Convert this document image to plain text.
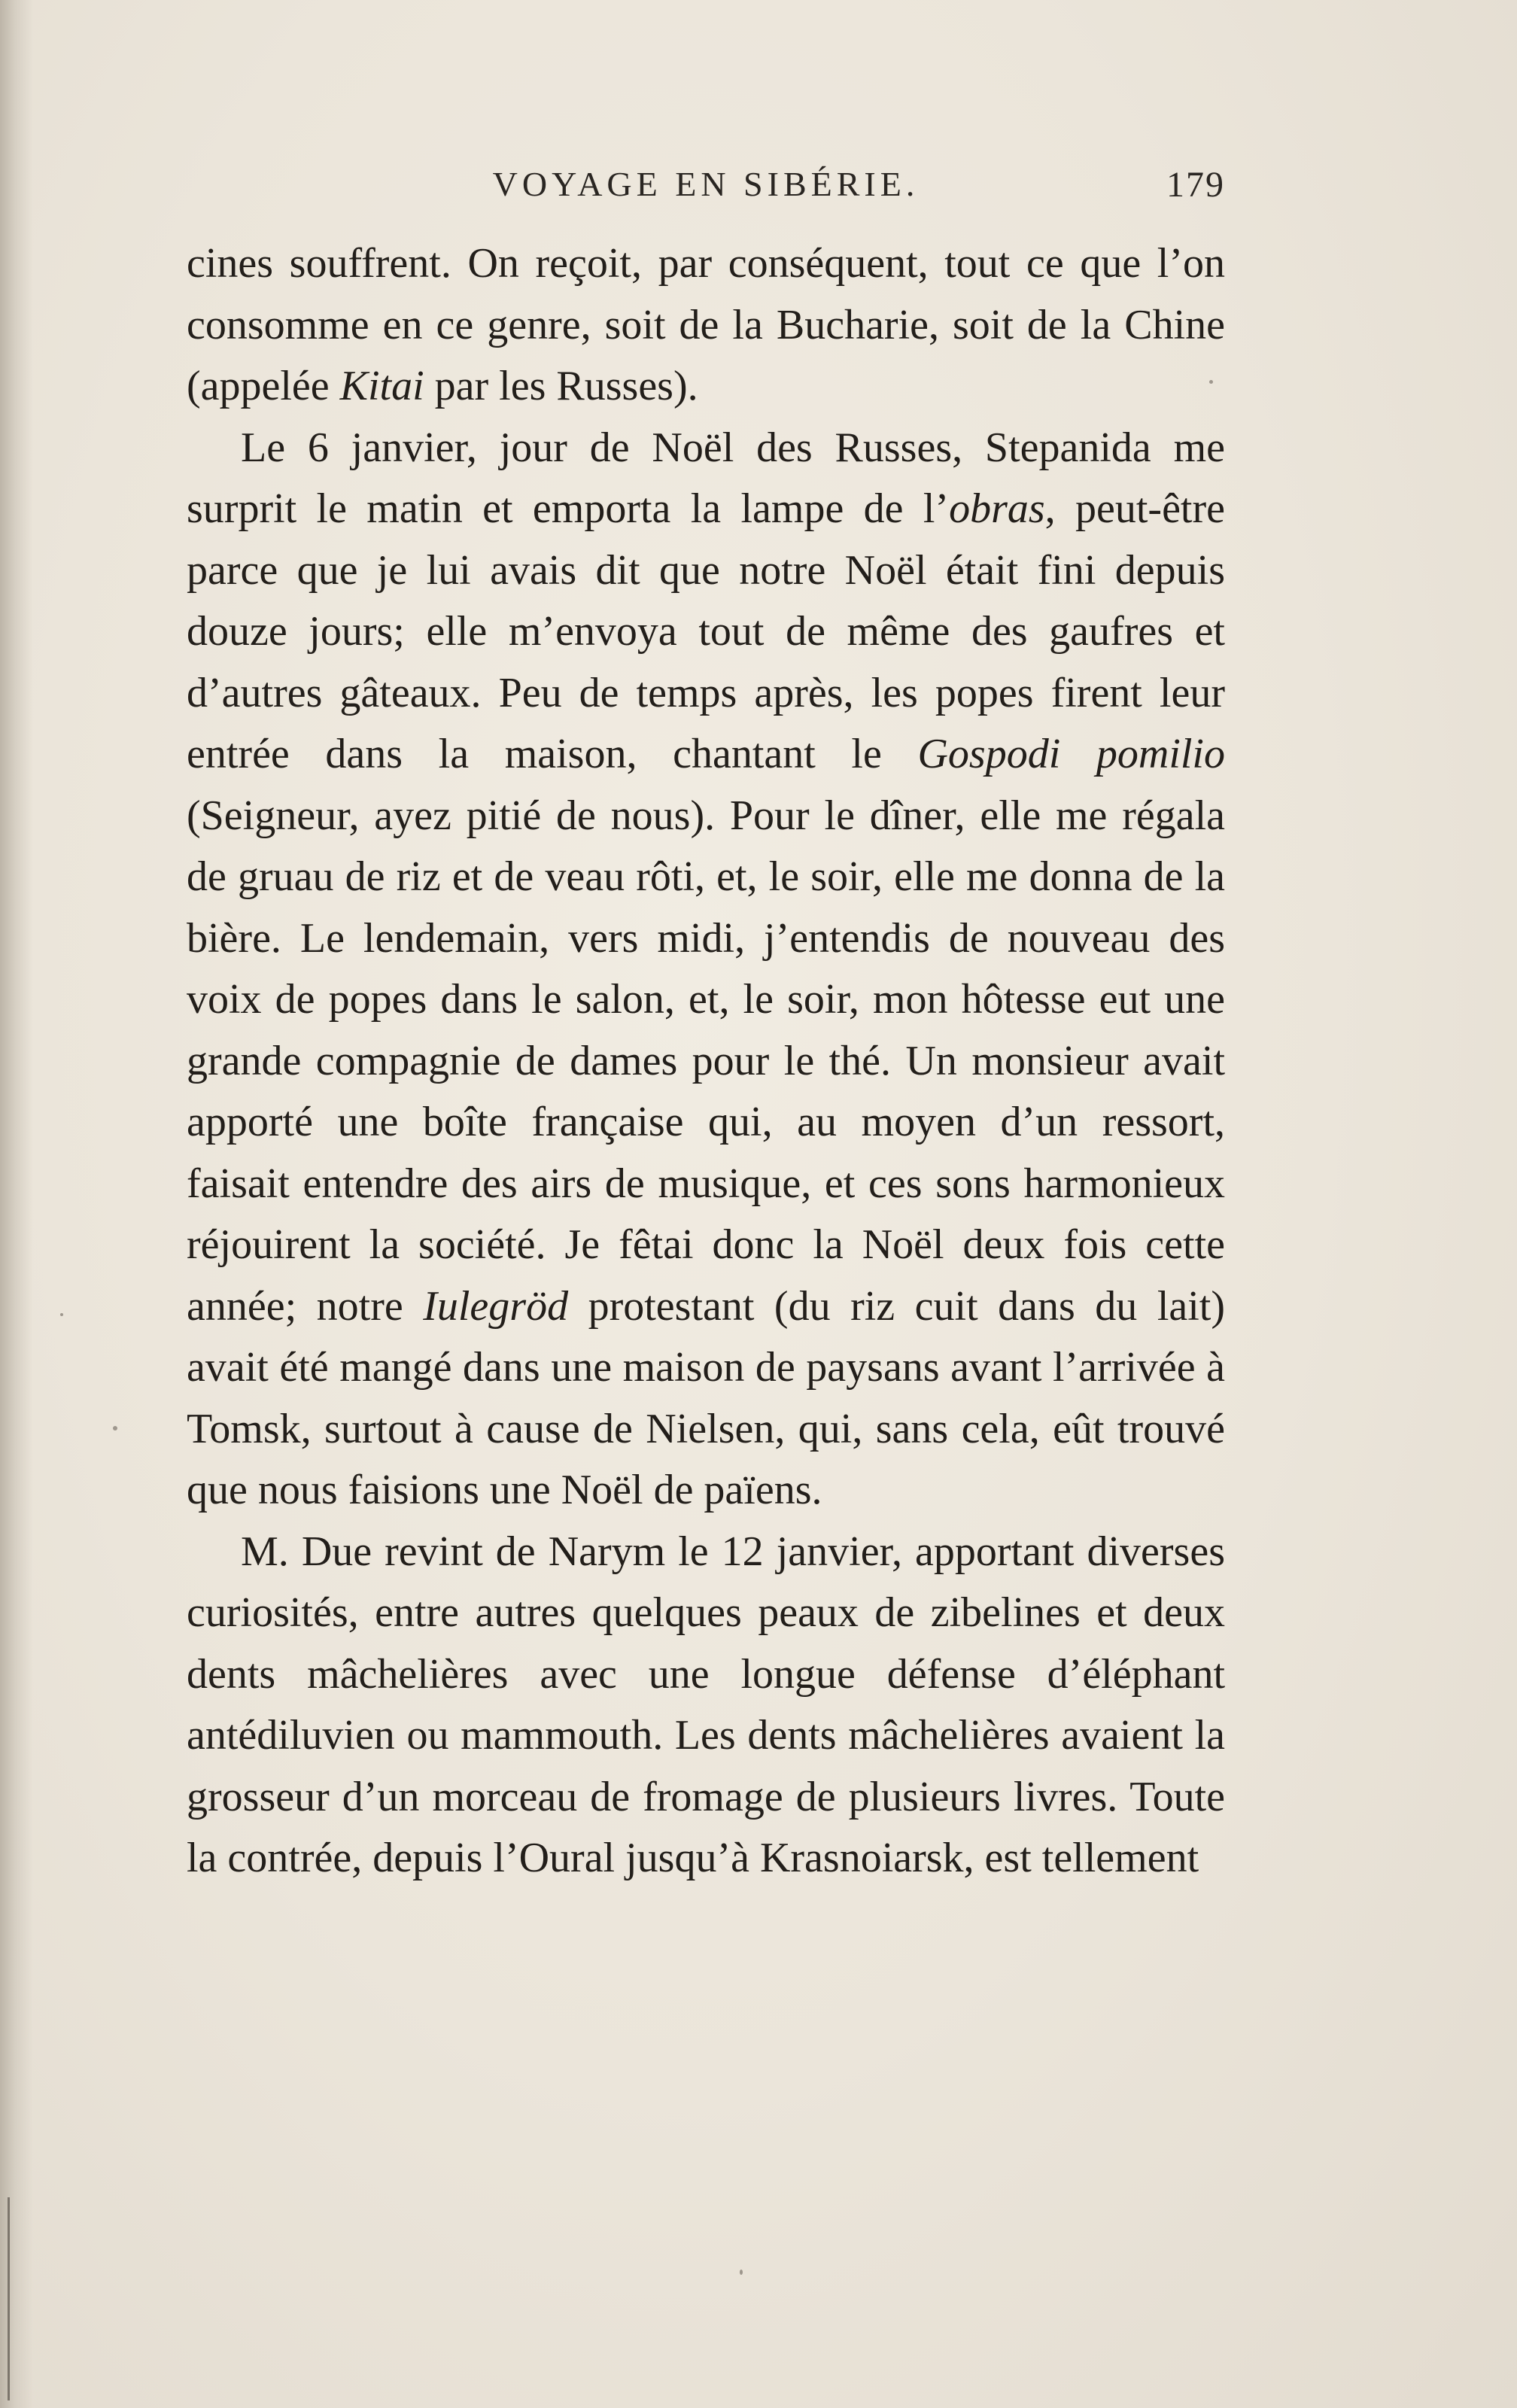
VOYAGE EN SIBÉRIE.	179

cines souffrent. On reçoit, par conséquent, tout ce que l’on consomme en ce genre, soit de la Bucharie, soit de la Chine (appelée Kitai par les Russes).

Le 6 janvier, jour de Noël des Russes, Stepanida me surprit le matin et emporta la lampe de l’obras, peut-être parce que je lui avais dit que notre Noël était fini depuis douze jours; elle m’envoya tout de même des gaufres et d’autres gâteaux. Peu de temps après, les popes firent leur entrée dans la maison, chantant le Gospodi pomilio (Seigneur, ayez pitié de nous). Pour le dîner, elle me régala de gruau de riz et de veau rôti, et, le soir, elle me donna de la bière. Le lendemain, vers midi, j’entendis de nouveau des voix de popes dans le salon, et, le soir, mon hôtesse eut une grande compagnie de dames pour le thé. Un monsieur avait apporté une boîte française qui, au moyen d’un ressort, faisait entendre des airs de musique, et ces sons harmonieux réjouirent la société. Je fêtai donc la Noël deux fois cette année; notre Iulegröd protestant (du riz cuit dans du lait) avait été mangé dans une maison de paysans avant l’arrivée à Tomsk, surtout à cause de Nielsen, qui, sans cela, eût trouvé que nous faisions une Noël de païens.

M. Due revint de Narym le 12 janvier, apportant diverses curiosités, entre autres quelques peaux de zibelines et deux dents mâchelières avec une longue défense d’éléphant antédiluvien ou mammouth. Les dents mâchelières avaient la grosseur d’un morceau de fromage de plusieurs livres. Toute la contrée, depuis l’Oural jusqu’à Krasnoiarsk, est tellement
